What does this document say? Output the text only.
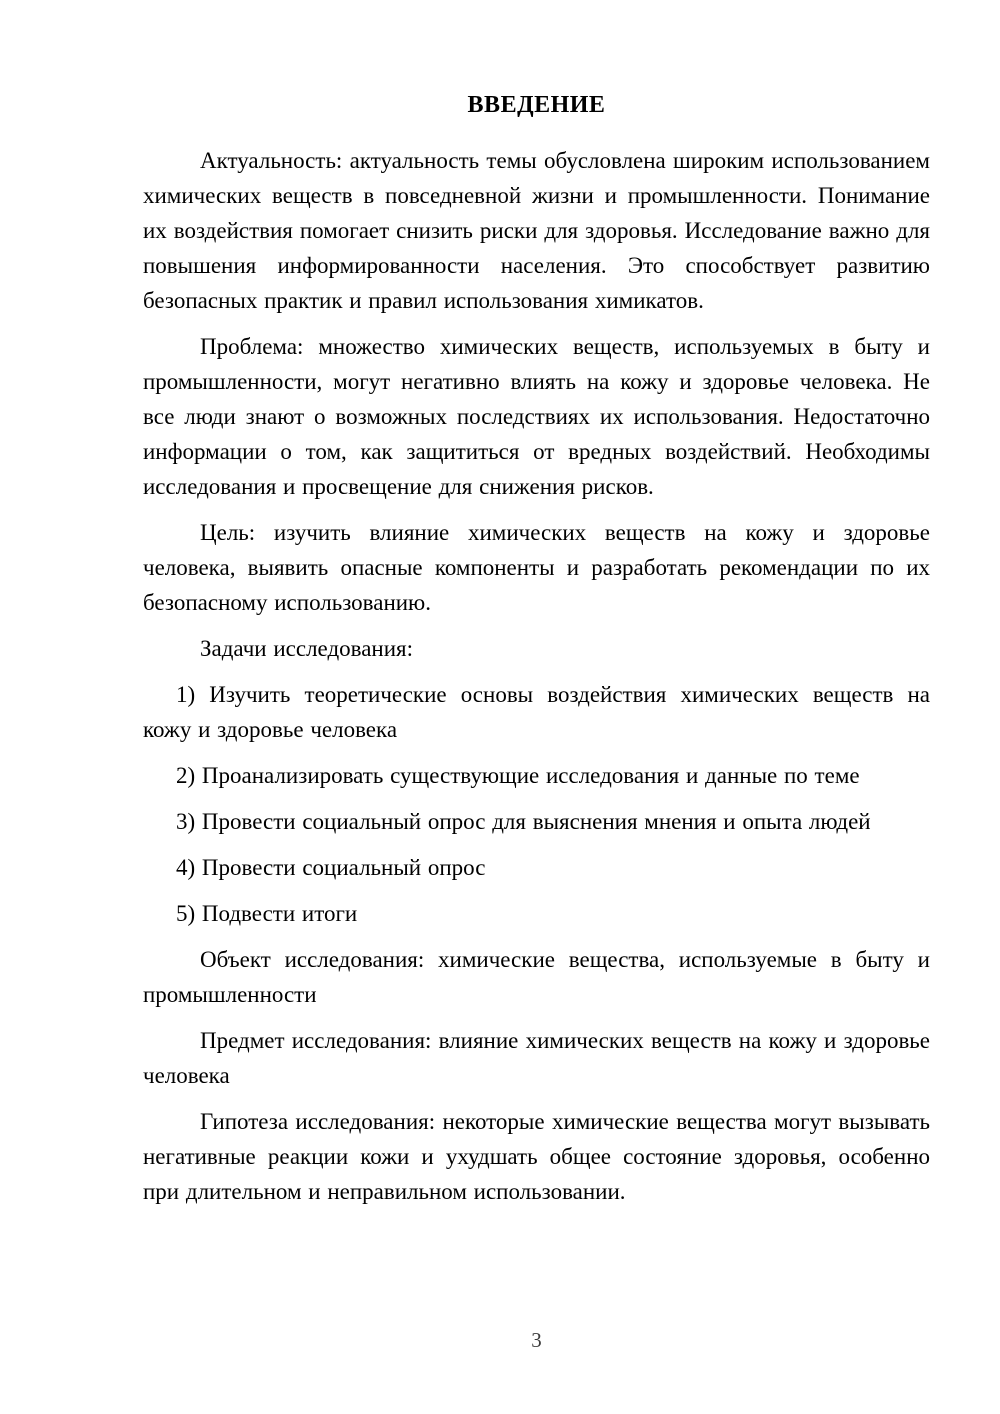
ВВЕДЕНИЕ

Актуальность: актуальность темы обусловлена широким использованием химических веществ в повседневной жизни и промышленности. Понимание их воздействия помогает снизить риски для здоровья. Исследование важно для повышения информированности населения. Это способствует развитию безопасных практик и правил использования химикатов.

Проблема: множество химических веществ, используемых в быту и промышленности, могут негативно влиять на кожу и здоровье человека. Не все люди знают о возможных последствиях их использования. Недостаточно информации о том, как защититься от вредных воздействий. Необходимы исследования и просвещение для снижения рисков.

Цель: изучить влияние химических веществ на кожу и здоровье человека, выявить опасные компоненты и разработать рекомендации по их безопасному использованию.

Задачи исследования:

1) Изучить теоретические основы воздействия химических веществ на кожу и здоровье человека

2) Проанализировать существующие исследования и данные по теме

3) Провести социальный опрос для выяснения мнения и опыта людей

4) Провести социальный опрос

5) Подвести итоги

Объект исследования: химические вещества, используемые в быту и промышленности

Предмет исследования: влияние химических веществ на кожу и здоровье человека

Гипотеза исследования: некоторые химические вещества могут вызывать негативные реакции кожи и ухудшать общее состояние здоровья, особенно при длительном и неправильном использовании.

3
